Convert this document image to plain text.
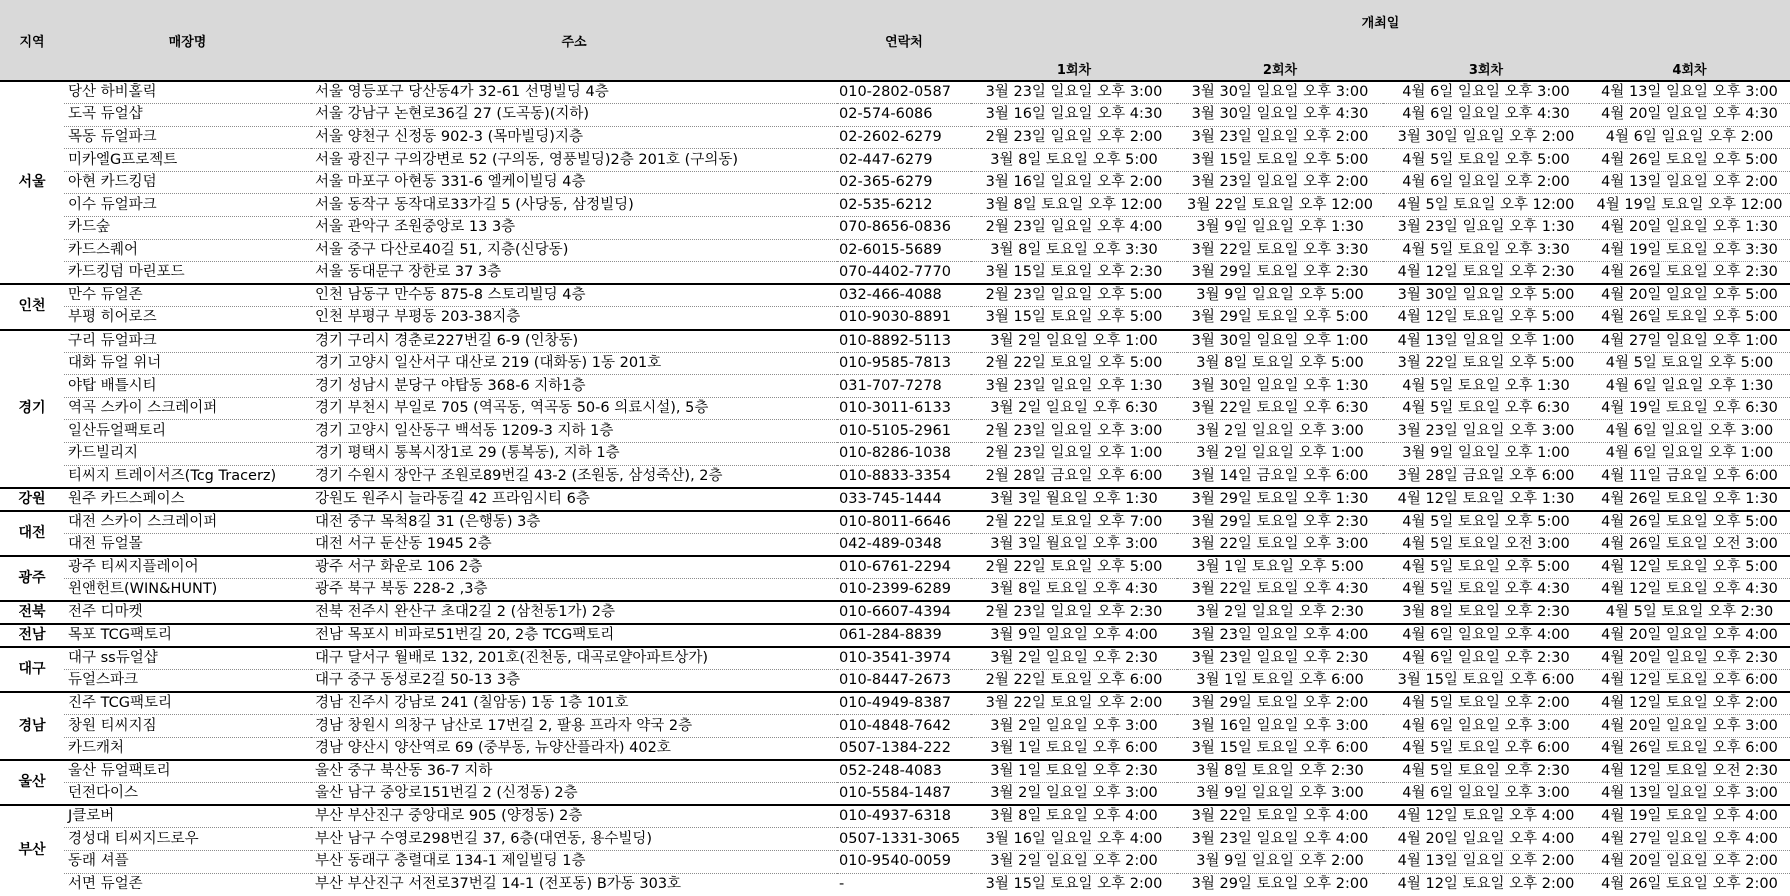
지역	매장명	주소	연락처	개최일			
				1회차	2회차	3회차	4회차
서울	당산 하비홀릭	서울 영등포구 당산동4가 32-61 선명빌딩 4층	010-2802-0587	3월 23일 일요일 오후 3:00	3월 30일 일요일 오후 3:00	4월 6일 일요일 오후 3:00	4월 13일 일요일 오후 3:00
	도곡 듀얼샵	서울 강남구 논현로36길 27 (도곡동)(지하)	02-574-6086	3월 16일 일요일 오후 4:30	3월 30일 일요일 오후 4:30	4월 6일 일요일 오후 4:30	4월 20일 일요일 오후 4:30
	목동 듀얼파크	서울 양천구 신정동 902-3 (목마빌딩)지층	02-2602-6279	2월 23일 일요일 오후 2:00	3월 23일 일요일 오후 2:00	3월 30일 일요일 오후 2:00	4월 6일 일요일 오후 2:00
	미카엘G프로젝트	서울 광진구 구의강변로 52 (구의동, 영풍빌딩)2층 201호 (구의동)	02-447-6279	3월 8일 토요일 오후 5:00	3월 15일 토요일 오후 5:00	4월 5일 토요일 오후 5:00	4월 26일 토요일 오후 5:00
	아현 카드킹덤	서울 마포구 아현동 331-6 엘케이빌딩 4층	02-365-6279	3월 16일 일요일 오후 2:00	3월 23일 일요일 오후 2:00	4월 6일 일요일 오후 2:00	4월 13일 일요일 오후 2:00
	이수 듀얼파크	서울 동작구 동작대로33가길 5 (사당동, 삼정빌딩)	02-535-6212	3월 8일 토요일 오후 12:00	3월 22일 토요일 오후 12:00	4월 5일 토요일 오후 12:00	4월 19일 토요일 오후 12:00
	카드숲	서울 관악구 조원중앙로 13 3층	070-8656-0836	2월 23일 일요일 오후 4:00	3월 9일 일요일 오후 1:30	3월 23일 일요일 오후 1:30	4월 20일 일요일 오후 1:30
	카드스퀘어	서울 중구 다산로40길 51, 지층(신당동)	02-6015-5689	3월 8일 토요일 오후 3:30	3월 22일 토요일 오후 3:30	4월 5일 토요일 오후 3:30	4월 19일 토요일 오후 3:30
	카드킹덤 마린포드	서울 동대문구 장한로 37 3층	070-4402-7770	3월 15일 토요일 오후 2:30	3월 29일 토요일 오후 2:30	4월 12일 토요일 오후 2:30	4월 26일 토요일 오후 2:30
인천	만수 듀얼존	인천 남동구 만수동 875-8 스토리빌딩 4층	032-466-4088	2월 23일 일요일 오후 5:00	3월 9일 일요일 오후 5:00	3월 30일 일요일 오후 5:00	4월 20일 일요일 오후 5:00
	부평 히어로즈	인천 부평구 부평동 203-38지층	010-9030-8891	3월 15일 토요일 오후 5:00	3월 29일 토요일 오후 5:00	4월 12일 토요일 오후 5:00	4월 26일 토요일 오후 5:00
경기	구리 듀얼파크	경기 구리시 경춘로227번길 6-9 (인창동)	010-8892-5113	3월 2일 일요일 오후 1:00	3월 30일 일요일 오후 1:00	4월 13일 일요일 오후 1:00	4월 27일 일요일 오후 1:00
	대화 듀얼 위너	경기 고양시 일산서구 대산로 219 (대화동) 1동 201호	010-9585-7813	2월 22일 토요일 오후 5:00	3월 8일 토요일 오후 5:00	3월 22일 토요일 오후 5:00	4월 5일 토요일 오후 5:00
	야탑 배틀시티	경기 성남시 분당구 야탑동 368-6 지하1층	031-707-7278	3월 23일 일요일 오후 1:30	3월 30일 일요일 오후 1:30	4월 5일 토요일 오후 1:30	4월 6일 일요일 오후 1:30
	역곡 스카이 스크레이퍼	경기 부천시 부일로 705 (역곡동, 역곡동 50-6 의료시설), 5층	010-3011-6133	3월 2일 일요일 오후 6:30	3월 22일 토요일 오후 6:30	4월 5일 토요일 오후 6:30	4월 19일 토요일 오후 6:30
	일산듀얼팩토리	경기 고양시 일산동구 백석동 1209-3 지하 1층	010-5105-2961	2월 23일 일요일 오후 3:00	3월 2일 일요일 오후 3:00	3월 23일 일요일 오후 3:00	4월 6일 일요일 오후 3:00
	카드빌리지	경기 평택시 통복시장1로 29 (통복동), 지하 1층	010-8286-1038	2월 23일 일요일 오후 1:00	3월 2일 일요일 오후 1:00	3월 9일 일요일 오후 1:00	4월 6일 일요일 오후 1:00
	티씨지 트레이서즈(Tcg Tracerz)	경기 수원시 장안구 조원로89번길 43-2 (조원동, 삼성죽산), 2층	010-8833-3354	2월 28일 금요일 오후 6:00	3월 14일 금요일 오후 6:00	3월 28일 금요일 오후 6:00	4월 11일 금요일 오후 6:00
강원	원주 카드스페이스	강원도 원주시 늘라동길 42 프라임시티 6층	033-745-1444	3월 3일 월요일 오후 1:30	3월 29일 토요일 오후 1:30	4월 12일 토요일 오후 1:30	4월 26일 토요일 오후 1:30
대전	대전 스카이 스크레이퍼	대전 중구 목척8길 31 (은행동) 3층	010-8011-6646	2월 22일 토요일 오후 7:00	3월 29일 토요일 오후 2:30	4월 5일 토요일 오후 5:00	4월 26일 토요일 오후 5:00
	대전 듀얼몰	대전 서구 둔산동 1945 2층	042-489-0348	3월 3일 월요일 오후 3:00	3월 22일 토요일 오후 3:00	4월 5일 토요일 오전 3:00	4월 26일 토요일 오전 3:00
광주	광주 티씨지플레이어	광주 서구 화운로 106 2층	010-6761-2294	2월 22일 토요일 오후 5:00	3월 1일 토요일 오후 5:00	4월 5일 토요일 오후 5:00	4월 12일 토요일 오후 5:00
	윈앤헌트(WIN&HUNT)	광주 북구 북동 228-2 ,3층	010-2399-6289	3월 8일 토요일 오후 4:30	3월 22일 토요일 오후 4:30	4월 5일 토요일 오후 4:30	4월 12일 토요일 오후 4:30
전북	전주 디마켓	전북 전주시 완산구 초대2길 2 (삼천동1가) 2층	010-6607-4394	2월 23일 일요일 오후 2:30	3월 2일 일요일 오후 2:30	3월 8일 토요일 오후 2:30	4월 5일 토요일 오후 2:30
전남	목포 TCG팩토리	전남 목포시 비파로51번길 20, 2층 TCG팩토리	061-284-8839	3월 9일 일요일 오후 4:00	3월 23일 일요일 오후 4:00	4월 6일 일요일 오후 4:00	4월 20일 일요일 오후 4:00
대구	대구 ss듀얼샵	대구 달서구 월배로 132, 201호(진천동, 대곡로얄아파트상가)	010-3541-3974	3월 2일 일요일 오후 2:30	3월 23일 일요일 오후 2:30	4월 6일 일요일 오후 2:30	4월 20일 일요일 오후 2:30
	듀얼스파크	대구 중구 동성로2길 50-13 3층	010-8447-2673	2월 22일 토요일 오후 6:00	3월 1일 토요일 오후 6:00	3월 15일 토요일 오후 6:00	4월 12일 토요일 오후 6:00
경남	진주 TCG팩토리	경남 진주시 강남로 241 (칠암동) 1동 1층 101호	010-4949-8387	3월 22일 토요일 오후 2:00	3월 29일 토요일 오후 2:00	4월 5일 토요일 오후 2:00	4월 12일 토요일 오후 2:00
	창원 티씨지짐	경남 창원시 의창구 남산로 17번길 2, 팔용 프라자 약국 2층	010-4848-7642	3월 2일 일요일 오후 3:00	3월 16일 일요일 오후 3:00	4월 6일 일요일 오후 3:00	4월 20일 일요일 오후 3:00
	카드캐처	경남 양산시 양산역로 69 (중부동, 뉴양산플라자) 402호	0507-1384-222	3월 1일 토요일 오후 6:00	3월 15일 토요일 오후 6:00	4월 5일 토요일 오후 6:00	4월 26일 토요일 오후 6:00
울산	울산 듀얼팩토리	울산 중구 북산동 36-7 지하	052-248-4083	3월 1일 토요일 오후 2:30	3월 8일 토요일 오후 2:30	4월 5일 토요일 오후 2:30	4월 12일 토요일 오전 2:30
	던전다이스	울산 남구 중앙로151번길 2 (신정동) 2층	010-5584-1487	3월 2일 일요일 오후 3:00	3월 9일 일요일 오후 3:00	4월 6일 일요일 오후 3:00	4월 13일 일요일 오후 3:00
부산	J클로버	부산 부산진구 중앙대로 905 (양정동) 2층	010-4937-6318	3월 8일 토요일 오후 4:00	3월 22일 토요일 오후 4:00	4월 12일 토요일 오후 4:00	4월 19일 토요일 오후 4:00
	경성대 티씨지드로우	부산 남구 수영로298번길 37, 6층(대연동, 용수빌딩)	0507-1331-3065	3월 16일 일요일 오후 4:00	3월 23일 일요일 오후 4:00	4월 20일 일요일 오후 4:00	4월 27일 일요일 오후 4:00
	동래 셔플	부산 동래구 충렬대로 134-1 제일빌딩 1층	010-9540-0059	3월 2일 일요일 오후 2:00	3월 9일 일요일 오후 2:00	4월 13일 일요일 오후 2:00	4월 20일 일요일 오후 2:00
	서면 듀얼존	부산 부산진구 서전로37번길 14-1 (전포동) B가동 303호	-	3월 15일 토요일 오후 2:00	3월 29일 토요일 오후 2:00	4월 12일 토요일 오후 2:00	4월 26일 토요일 오후 2:00
